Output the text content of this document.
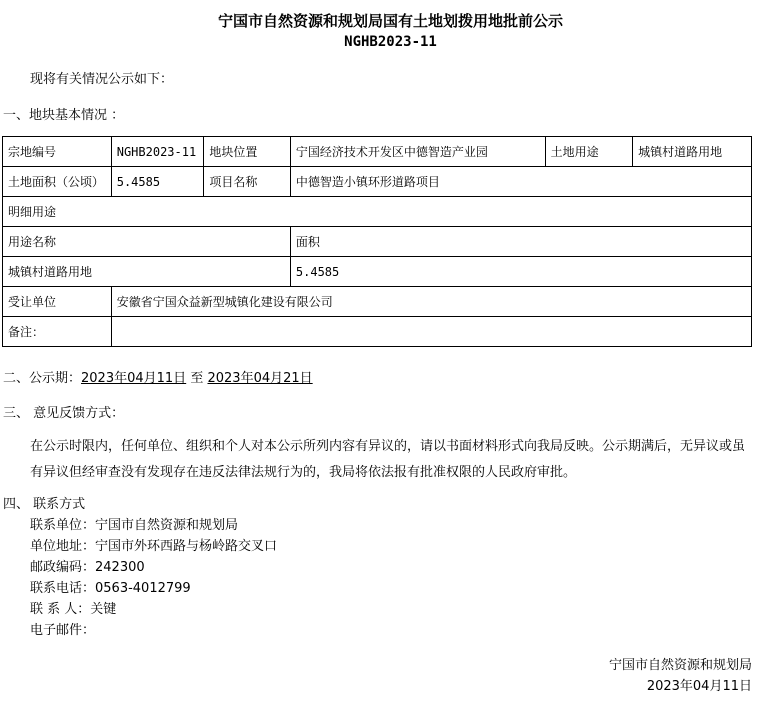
宁国市自然资源和规划局国有土地划拨用地批前公示
NGHB2023-11
现将有关情况公示如下：
一、地块基本情况 ：
宗地编号	NGHB2023-11	地块位置	宁国经济技术开发区中德智造产业园	土地用途	城镇村道路用地
土地面积（公顷）	5.4585	项目名称	中德智造小镇环形道路项目		
明细用途					
用途名称			面积		
城镇村道路用地			5.4585		
受让单位	安徽省宁国众益新型城镇化建设有限公司				
备注：					
二、公示期：2023年04月11日 至 2023年04月21日
三、 意见反馈方式：
在公示时限内，任何单位、组织和个人对本公示所列内容有异议的，请以书面材料形式向我局反映。公示期满后，无异议或虽有异议但经审查没有发现存在违反法律法规行为的，我局将依法报有批准权限的人民政府审批。
四、 联系方式
联系单位：宁国市自然资源和规划局
单位地址：宁国市外环西路与杨岭路交叉口
邮政编码：242300
联系电话：0563-4012799
联 系 人：关键
电子邮件：
宁国市自然资源和规划局
2023年04月11日
